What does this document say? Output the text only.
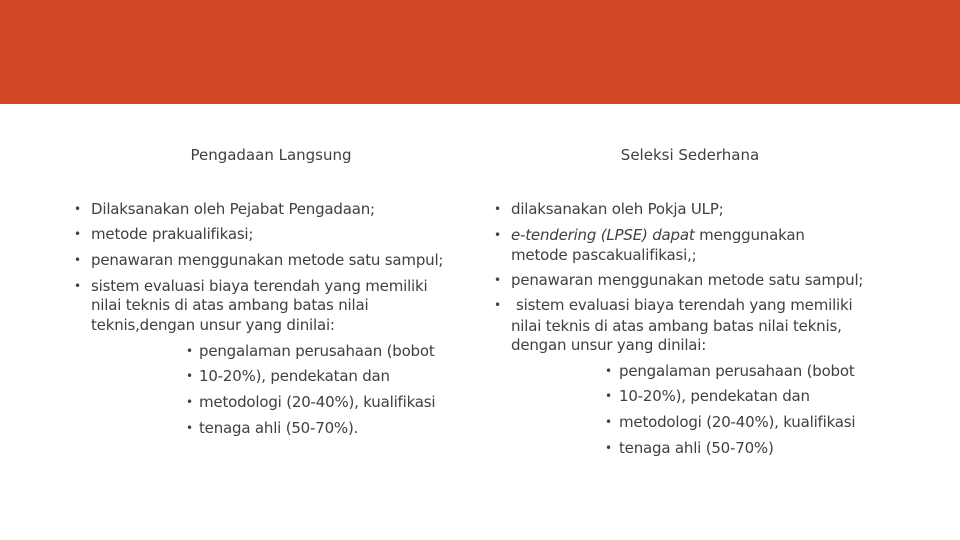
Pengadaan Langsung	Seleksi Sederhana
• Dilaksanakan oleh Pejabat Pengadaan;
• metode prakualifikasi;
• penawaran menggunakan metode satu sampul;
• sistem evaluasi biaya terendah yang memiliki
nilai teknis di atas ambang batas nilai
teknis,dengan unsur yang dinilai:
• pengalaman perusahaan (bobot
• 10-20%), pendekatan dan
• metodologi (20-40%), kualifikasi
• tenaga ahli (50-70%).
• dilaksanakan oleh Pokja ULP;
• e-tendering (LPSE) dapat menggunakan
metode pascakualifikasi,;
• penawaran menggunakan metode satu sampul;
• sistem evaluasi biaya terendah yang memiliki
nilai teknis di atas ambang batas nilai teknis,
dengan unsur yang dinilai:
• pengalaman perusahaan (bobot
• 10-20%), pendekatan dan
• metodologi (20-40%), kualifikasi
• tenaga ahli (50-70%)
